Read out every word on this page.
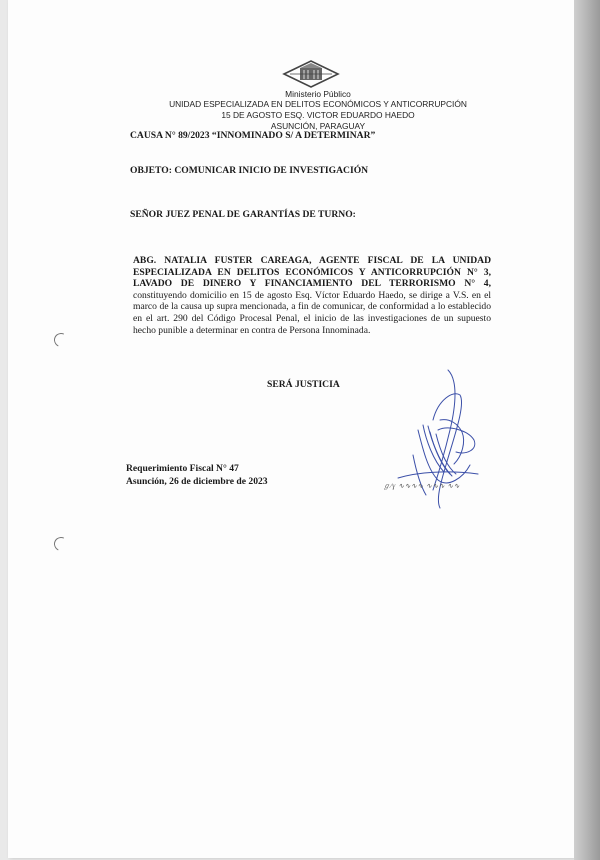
Ministerio Público
UNIDAD ESPECIALIZADA EN DELITOS ECONÓMICOS Y ANTICORRUPCIÓN
15 DE AGOSTO ESQ. VICTOR EDUARDO HAEDO
ASUNCIÓN, PARAGUAY
CAUSA N° 89/2023 “INNOMINADO S/ A DETERMINAR”
OBJETO: COMUNICAR INICIO DE INVESTIGACIÓN
SEÑOR JUEZ PENAL DE GARANTÍAS DE TURNO:

ABG. NATALIA FUSTER CAREAGA, AGENTE FISCAL DE LA UNIDAD ESPECIALIZADA EN DELITOS ECONÓMICOS Y ANTICORRUPCIÓN N° 3, LAVADO DE DINERO Y FINANCIAMIENTO DEL TERRORISMO N° 4, constituyendo domicilio en 15 de agosto Esq. Víctor Eduardo Haedo, se dirige a V.S. en el marco de la causa up supra mencionada, a fin de comunicar, de conformidad a lo establecido en el art. 290 del Código Procesal Penal, el inicio de las investigaciones de un supuesto hecho punible a determinar en contra de Persona Innominada.

SERÁ JUSTICIA
Requerimiento Fiscal N° 47
Asunción, 26 de diciembre de 2023	ℊ∕ɣ ∿∿∿∿ ∿∿∿ ∿∿
